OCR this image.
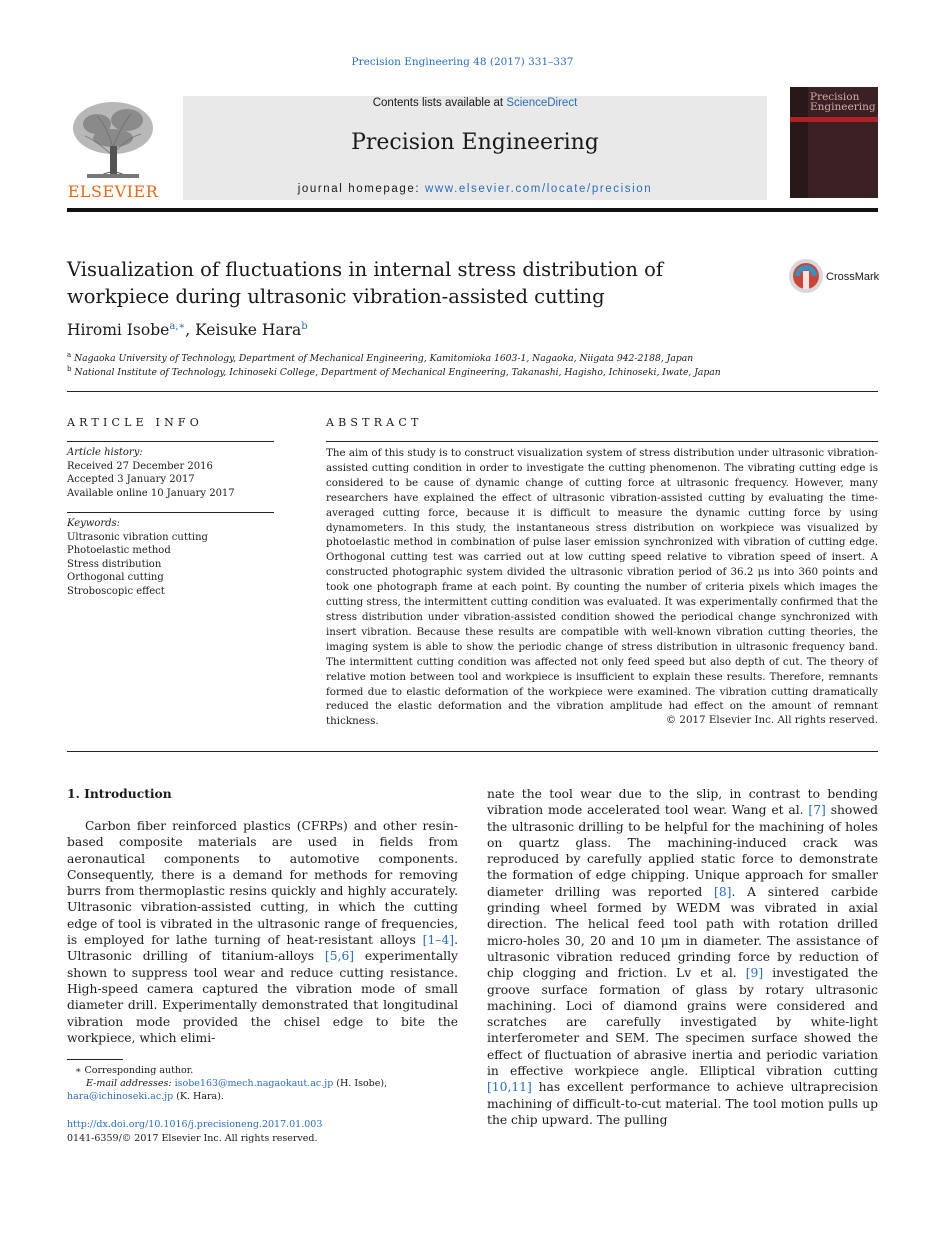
Precision Engineering 48 (2017) 331–337
ELSEVIER
Contents lists available at ScienceDirect
Precision Engineering
journal homepage: www.elsevier.com/locate/precision
Precision Engineering
Visualization of fluctuations in internal stress distribution of
workpiece during ultrasonic vibration-assisted cutting
CrossMark
Hiromi Isobe$^{a,∗}$, Keisuke Hara$^b$
$^a$ Nagaoka University of Technology, Department of Mechanical Engineering, Kamitomioka 1603-1, Nagaoka, Niigata 942-2188, Japan
$^b$ National Institute of Technology, Ichinoseki College, Department of Mechanical Engineering, Takanashi, Hagisho, Ichinoseki, Iwate, Japan
ARTICLE INFO
Article history:
Received 27 December 2016
Accepted 3 January 2017
Available online 10 January 2017
Keywords:
Ultrasonic vibration cutting
Photoelastic method
Stress distribution
Orthogonal cutting
Stroboscopic effect
ABSTRACT
The aim of this study is to construct visualization system of stress distribution under ultrasonic vibration-assisted cutting condition in order to investigate the cutting phenomenon. The vibrating cutting edge is considered to be cause of dynamic change of cutting force at ultrasonic frequency. However, many researchers have explained the effect of ultrasonic vibration-assisted cutting by evaluating the time-averaged cutting force, because it is difficult to measure the dynamic cutting force by using dynamometers. In this study, the instantaneous stress distribution on workpiece was visualized by photoelastic method in combination of pulse laser emission synchronized with vibration of cutting edge. Orthogonal cutting test was carried out at low cutting speed relative to vibration speed of insert. A constructed photographic system divided the ultrasonic vibration period of 36.2 μs into 360 points and took one photograph frame at each point. By counting the number of criteria pixels which images the cutting stress, the intermittent cutting condition was evaluated. It was experimentally confirmed that the stress distribution under vibration-assisted condition showed the periodical change synchronized with insert vibration. Because these results are compatible with well-known vibration cutting theories, the imaging system is able to show the periodic change of stress distribution in ultrasonic frequency band. The intermittent cutting condition was affected not only feed speed but also depth of cut. The theory of relative motion between tool and workpiece is insufficient to explain these results. Therefore, remnants formed due to elastic deformation of the workpiece were examined. The vibration cutting dramatically reduced the elastic deformation and the vibration amplitude had effect on the amount of remnant thickness.	© 2017 Elsevier Inc. All rights reserved.
1. Introduction

Carbon fiber reinforced plastics (CFRPs) and other resin-based composite materials are used in fields from aeronautical components to automotive components. Consequently, there is a demand for methods for removing burrs from thermoplastic resins quickly and highly accurately. Ultrasonic vibration-assisted cutting, in which the cutting edge of tool is vibrated in the ultrasonic range of frequencies, is employed for lathe turning of heat-resistant alloys [1–4]. Ultrasonic drilling of titanium-alloys [5,6] experimentally shown to suppress tool wear and reduce cutting resistance. High-speed camera captured the vibration mode of small diameter drill. Experimentally demonstrated that longitudinal vibration mode provided the chisel edge to bite the workpiece, which elimi-

nate the tool wear due to the slip, in contrast to bending vibration mode accelerated tool wear. Wang et al. [7] showed the ultrasonic drilling to be helpful for the machining of holes on quartz glass. The machining-induced crack was reproduced by carefully applied static force to demonstrate the formation of edge chipping. Unique approach for smaller diameter drilling was reported [8]. A sintered carbide grinding wheel formed by WEDM was vibrated in axial direction. The helical feed tool path with rotation drilled micro-holes 30, 20 and 10 μm in diameter. The assistance of ultrasonic vibration reduced grinding force by reduction of chip clogging and friction. Lv et al. [9] investigated the groove surface formation of glass by rotary ultrasonic machining. Loci of diamond grains were considered and scratches are carefully investigated by white-light interferometer and SEM. The specimen surface showed the effect of fluctuation of abrasive inertia and periodic variation in effective workpiece angle. Elliptical vibration cutting [10,11] has excellent performance to achieve ultraprecision machining of difficult-to-cut material. The tool motion pulls up the chip upward. The pulling

∗ Corresponding author.
E-mail addresses: isobe163@mech.nagaokaut.ac.jp (H. Isobe),
hara@ichinoseki.ac.jp (K. Hara).
http://dx.doi.org/10.1016/j.precisioneng.2017.01.003
0141-6359/© 2017 Elsevier Inc. All rights reserved.
